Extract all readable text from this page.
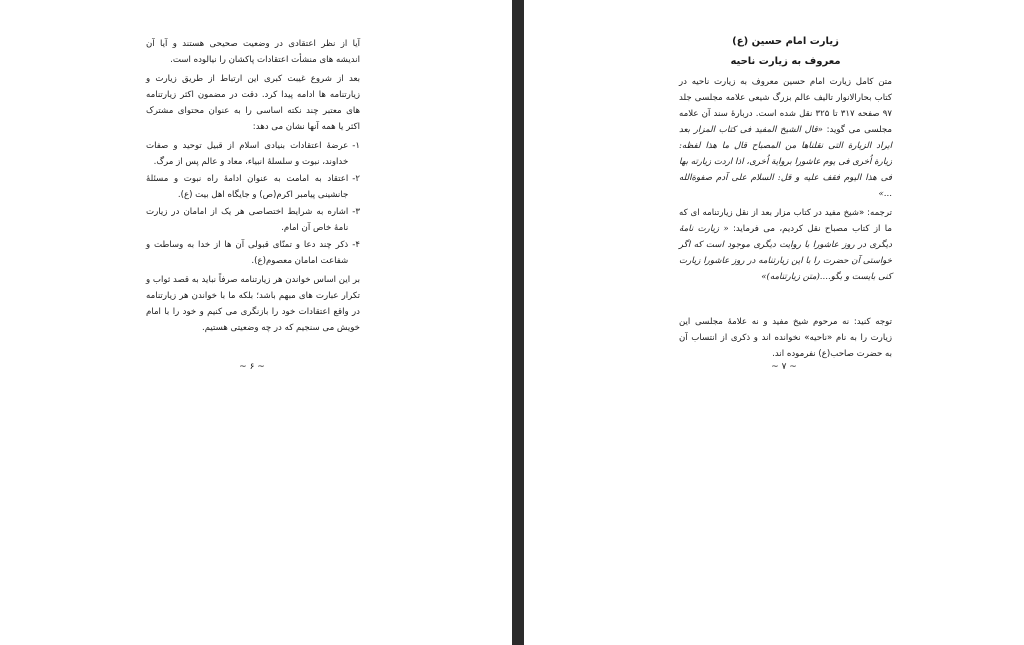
آیا از نظر اعتقادی در وضعیت صحیحی هستند و آیا آن اندیشه های منشأت اعتقادات پاکشان را نیالوده است.

بعد از شروع غیبت کبری این ارتباط از طریق زیارت و زیارتنامه ها ادامه پیدا کرد. دقت در مضمون اکثر زیارتنامه های معتبر چند نکته اساسی را به عنوان محتوای مشترک اکثر یا همه آنها نشان می دهد:

۱-
عرضهٔ اعتقادات بنیادی اسلام از قبیل توحید و صفات خداوند، نبوت و سلسلهٔ انبیاء، معاد و عالم پس از مرگ.
۲-
اعتقاد به امامت به عنوان ادامهٔ راه نبوت و مسئلهٔ جانشینی پیامبر اکرم(ص) و جایگاه اهل بیت (ع).
۳-
اشاره به شرایط اختصاصی هر یک از امامان در زیارت نامهٔ خاص آن امام.
۴-
ذکر چند دعا و تمنّای قبولی آن ها از خدا به وساطت و شفاعت امامان معصوم(ع).

بر این اساس خواندن هر زیارتنامه صرفاً نباید به قصد ثواب و تکرار عبارت های مبهم باشد؛ بلکه ما با خواندن هر زیارتنامه در واقع اعتقادات خود را بازنگری می کنیم و خود را با امام خویش می سنجیم که در چه وضعیتی هستیم.

~ ۶ ~
زیارت امام حسین (ع)
معروف به زیارت ناحیه

متن کامل زیارت امام حسین معروف به زیارت ناحیه در کتاب بحارالانوار تالیف عالم بزرگ شیعی علامه مجلسی جلد ۹۷ صفحه ۳۱۷ تا ۳۲۵ نقل شده است. دربارهٔ سند آن علامه مجلسی می گوید: «قال الشیخ المفید فی کتاب المزار بعد ایراد الزیارة التی نقلناها من المصباح قال ما هذا لفظه: زیارة اُخری فی یوم عاشورا بروایة اُخری، اذا اردت زیارته بها فی هذا الیوم فقف علیه و قل: السلام علی آدم صفوةالله ...»

ترجمه: «شیخ مفید در کتاب مزار بعد از نقل زیارتنامه ای که ما از کتاب مصباح نقل کردیم، می فرماید: « زیارت نامهٔ دیگری در روز عاشورا با روایت دیگری موجود است که اگر خواستی آن حضرت را با این زیارتنامه در روز عاشورا زیارت کنی بایست و بگو....(متن زیارتنامه)»

توجه کنید: نه مرحوم شیخ مفید و نه علامهٔ مجلسی این زیارت را به نام «ناحیه» نخوانده اند و ذکری از انتساب آن به حضرت صاحب(ع) نفرموده اند.

~ ۷ ~
